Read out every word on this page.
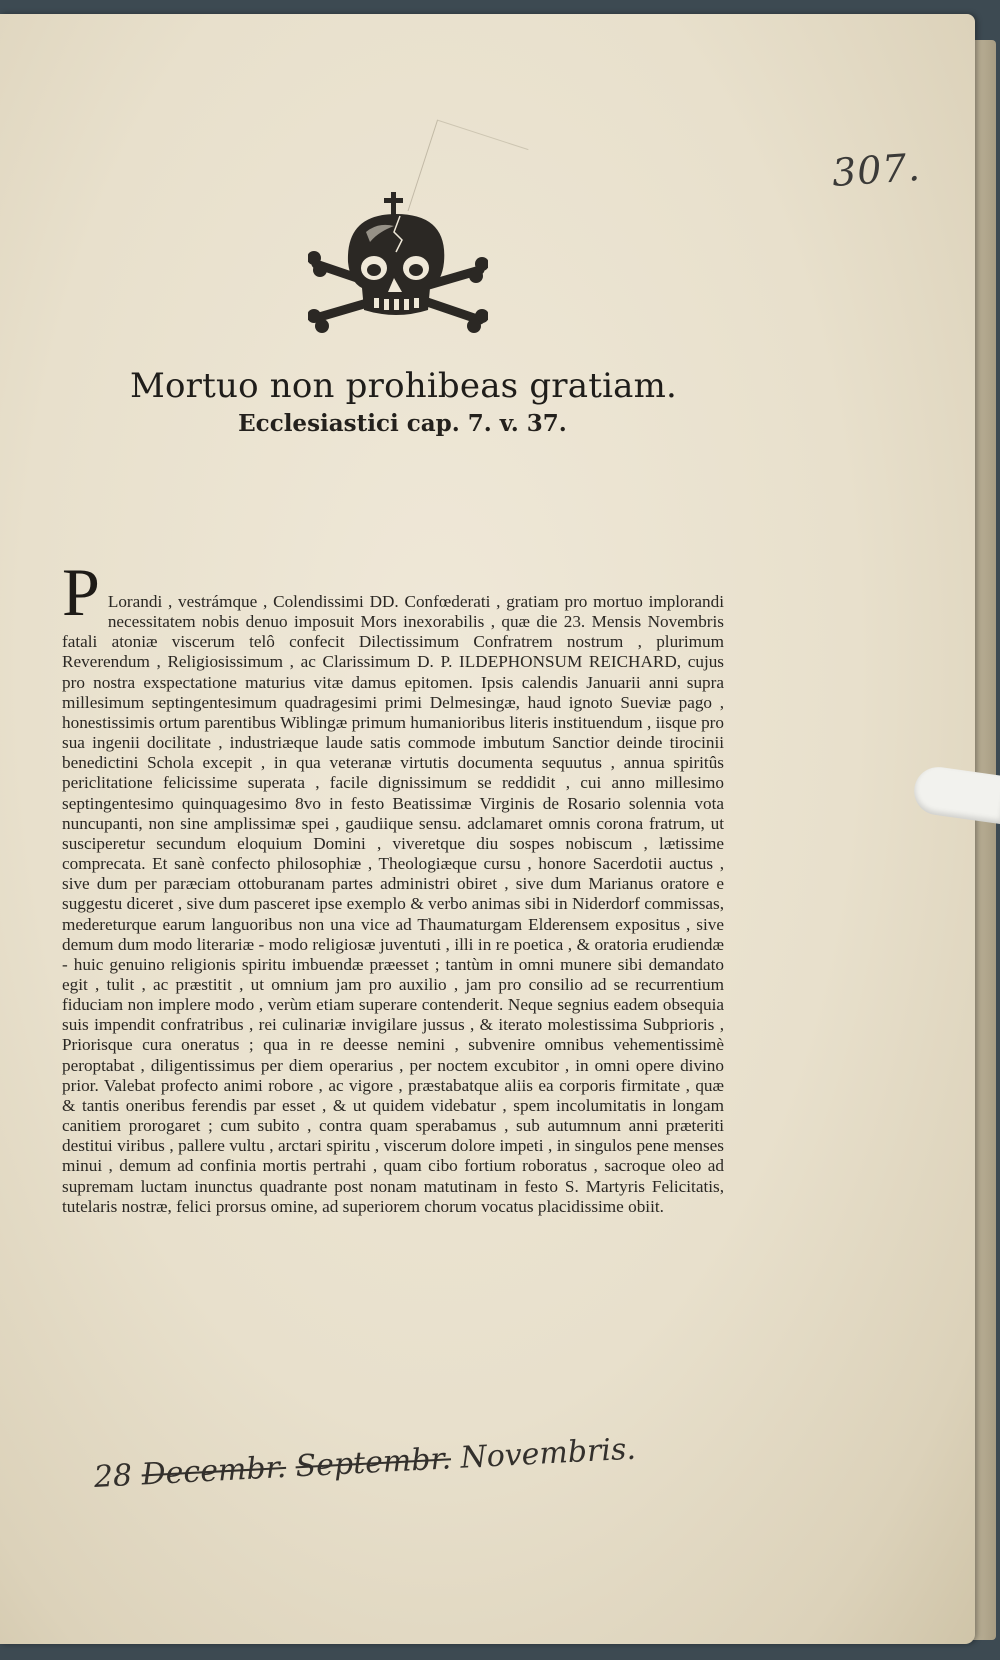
307.
Mortuo non prohibeas gratiam.
Ecclesiastici cap. 7. v. 37.

P Lorandi , vestrámque , Colendissimi DD. Confœderati , gratiam pro mortuo implorandi necessitatem nobis denuo imposuit Mors inexorabilis , quæ die 23. Mensis Novembris fatali atoniæ viscerum telô confecit Dilectissimum Confratrem nostrum , plurimum Reverendum , Religiosissimum , ac Clarissimum D. P. ILDEPHONSUM REICHARD, cujus pro nostra exspectatione maturius vitæ damus epitomen. Ipsis calendis Januarii anni supra millesimum septingentesimum quadragesimi primi Delmesingæ, haud ignoto Sueviæ pago , honestissimis ortum parentibus Wiblingæ primum humanioribus literis instituendum , iisque pro sua ingenii docilitate , industriæque laude satis commode imbutum Sanctior deinde tirocinii benedictini Schola excepit , in qua veteranæ virtutis documenta sequutus , annua spiritûs periclitatione felicissime superata , facile dignissimum se reddidit , cui anno millesimo septingentesimo quinquagesimo 8vo in festo Beatissimæ Virginis de Rosario solennia vota nuncupanti, non sine amplissimæ spei , gaudiique sensu. adclamaret omnis corona fratrum, ut susciperetur secundum eloquium Domini , viveretque diu sospes nobiscum , lætissime comprecata. Et sanè confecto philosophiæ , Theologiæque cursu , honore Sacerdotii auctus , sive dum per paræciam ottoburanam partes administri obiret , sive dum Marianus oratore e suggestu diceret , sive dum pasceret ipse exemplo & verbo animas sibi in Niderdorf commissas, medereturque earum languoribus non una vice ad Thaumaturgam Elderensem expositus , sive demum dum modo literariæ - modo religiosæ juventuti , illi in re poetica , & oratoria erudiendæ - huic genuino religionis spiritu imbuendæ præesset ; tantùm in omni munere sibi demandato egit , tulit , ac præstitit , ut omnium jam pro auxilio , jam pro consilio ad se recurrentium fiduciam non implere modo , verùm etiam superare contenderit. Neque segnius eadem obsequia suis impendit confratribus , rei culinariæ invigilare jussus , & iterato molestissima Subprioris , Priorisque cura oneratus ; qua in re deesse nemini , subvenire omnibus vehementissimè peroptabat , diligentissimus per diem operarius , per noctem excubitor , in omni opere divino prior. Valebat profecto animi robore , ac vigore , præstabatque aliis ea corporis firmitate , quæ & tantis oneribus ferendis par esset , & ut quidem videbatur , spem incolumitatis in longam canitiem prorogaret ; cum subito , contra quam sperabamus , sub autumnum anni præteriti destitui viribus , pallere vultu , arctari spiritu , viscerum dolore impeti , in singulos pene menses minui , demum ad confinia mortis pertrahi , quam cibo fortium roboratus , sacroque oleo ad supremam luctam inunctus quadrante post nonam matutinam in festo S. Martyris Felicitatis, tutelaris nostræ, felici prorsus omine, ad superiorem chorum vocatus placidissime obiit.

28 Decembr. Septembr. Novembris.
